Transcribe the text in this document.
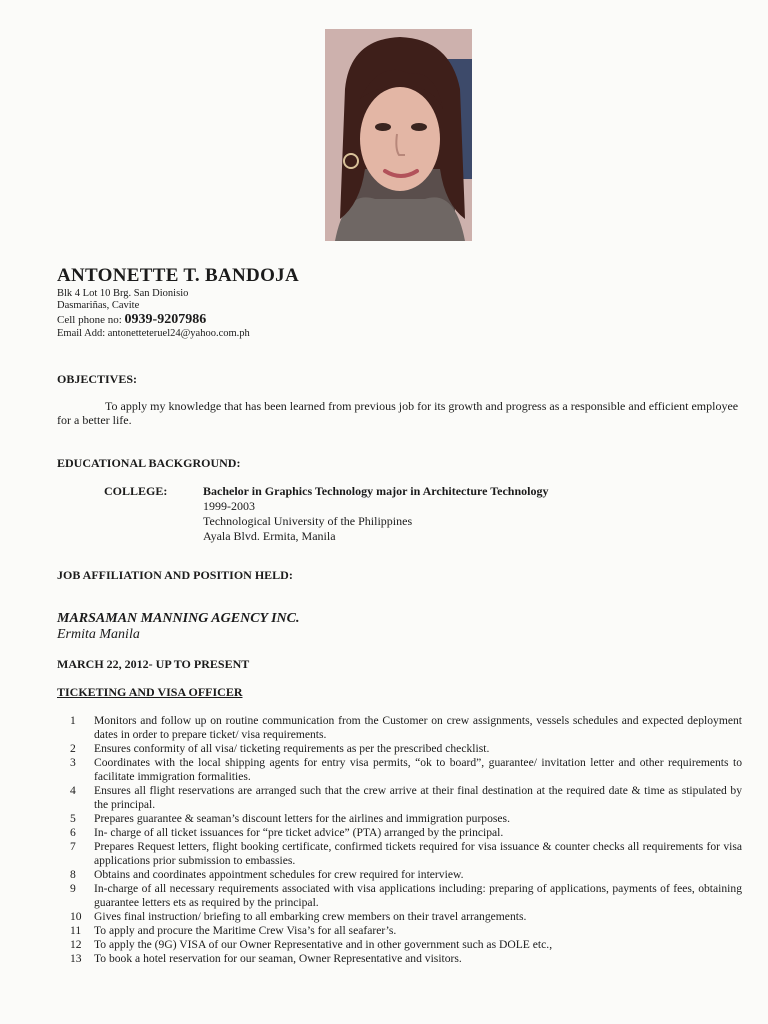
ANTONETTE T. BANDOJA
Blk 4 Lot 10 Brg. San Dionisio
Dasmariñas, Cavite
Cell phone no: 0939-9207986
Email Add: antonetteteruel24@yahoo.com.ph
OBJECTIVES:

To apply my knowledge that has been learned from previous job for its growth and progress as a responsible and efficient employee for a better life.

EDUCATIONAL BACKGROUND:
COLLEGE:	Bachelor in Graphics Technology major in Architecture Technology
1999-2003
Technological University of the Philippines
Ayala Blvd. Ermita, Manila
JOB AFFILIATION AND POSITION HELD:
MARSAMAN MANNING AGENCY INC.
Ermita Manila
MARCH 22, 2012- UP TO PRESENT
TICKETING AND VISA OFFICER
1	Monitors and follow up on routine communication from the Customer on crew assignments, vessels schedules and expected deployment dates in order to prepare ticket/ visa requirements.
2	Ensures conformity of all visa/ ticketing requirements as per the prescribed checklist.
3	Coordinates with the local shipping agents for entry visa permits, “ok to board”, guarantee/ invitation letter and other requirements to facilitate immigration formalities.
4	Ensures all flight reservations are arranged such that the crew arrive at their final destination at the required date & time as stipulated by the principal.
5	Prepares guarantee & seaman’s discount letters for the airlines and immigration purposes.
6	In- charge of all ticket issuances for “pre ticket advice” (PTA) arranged by the principal.
7	Prepares Request letters, flight booking certificate, confirmed tickets required for visa issuance & counter checks all requirements for visa applications prior submission to embassies.
8	Obtains and coordinates appointment schedules for crew required for interview.
9	In-charge of all necessary requirements associated with visa applications including: preparing of applications, payments of fees, obtaining guarantee letters ets as required by the principal.
10	Gives final instruction/ briefing to all embarking crew members on their travel arrangements.
11	To apply and procure the Maritime Crew Visa’s for all seafarer’s.
12	To apply the (9G) VISA of our Owner Representative and in other government such as DOLE etc.,
13	To book a hotel reservation for our seaman, Owner Representative and visitors.
